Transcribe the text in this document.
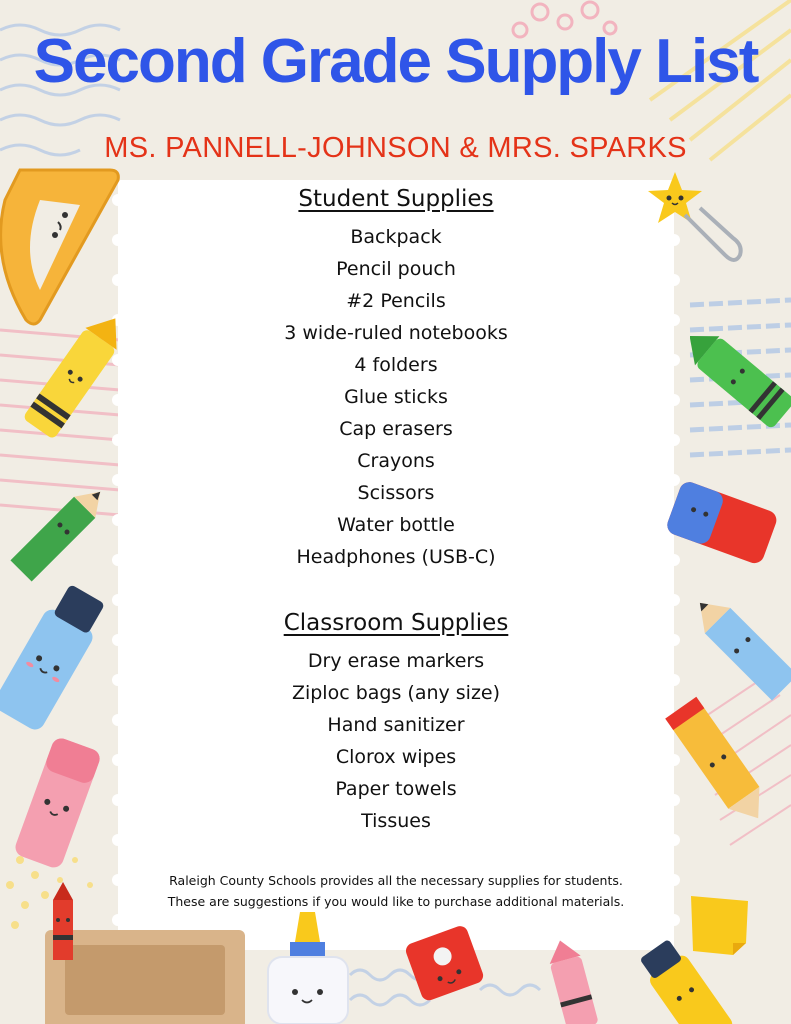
Student Supplies
Backpack
Pencil pouch
#2 Pencils
3 wide-ruled notebooks
4 folders
Glue sticks
Cap erasers
Crayons
Scissors
Water bottle
Headphones (USB-C)
Classroom Supplies
Dry erase markers
Ziploc bags (any size)
Hand sanitizer
Clorox wipes
Paper towels
Tissues
Raleigh County Schools provides all the necessary supplies for students.
These are suggestions if you would like to purchase additional materials.
Second Grade Supply List
MS. PANNELL-JOHNSON & MRS. SPARKS
